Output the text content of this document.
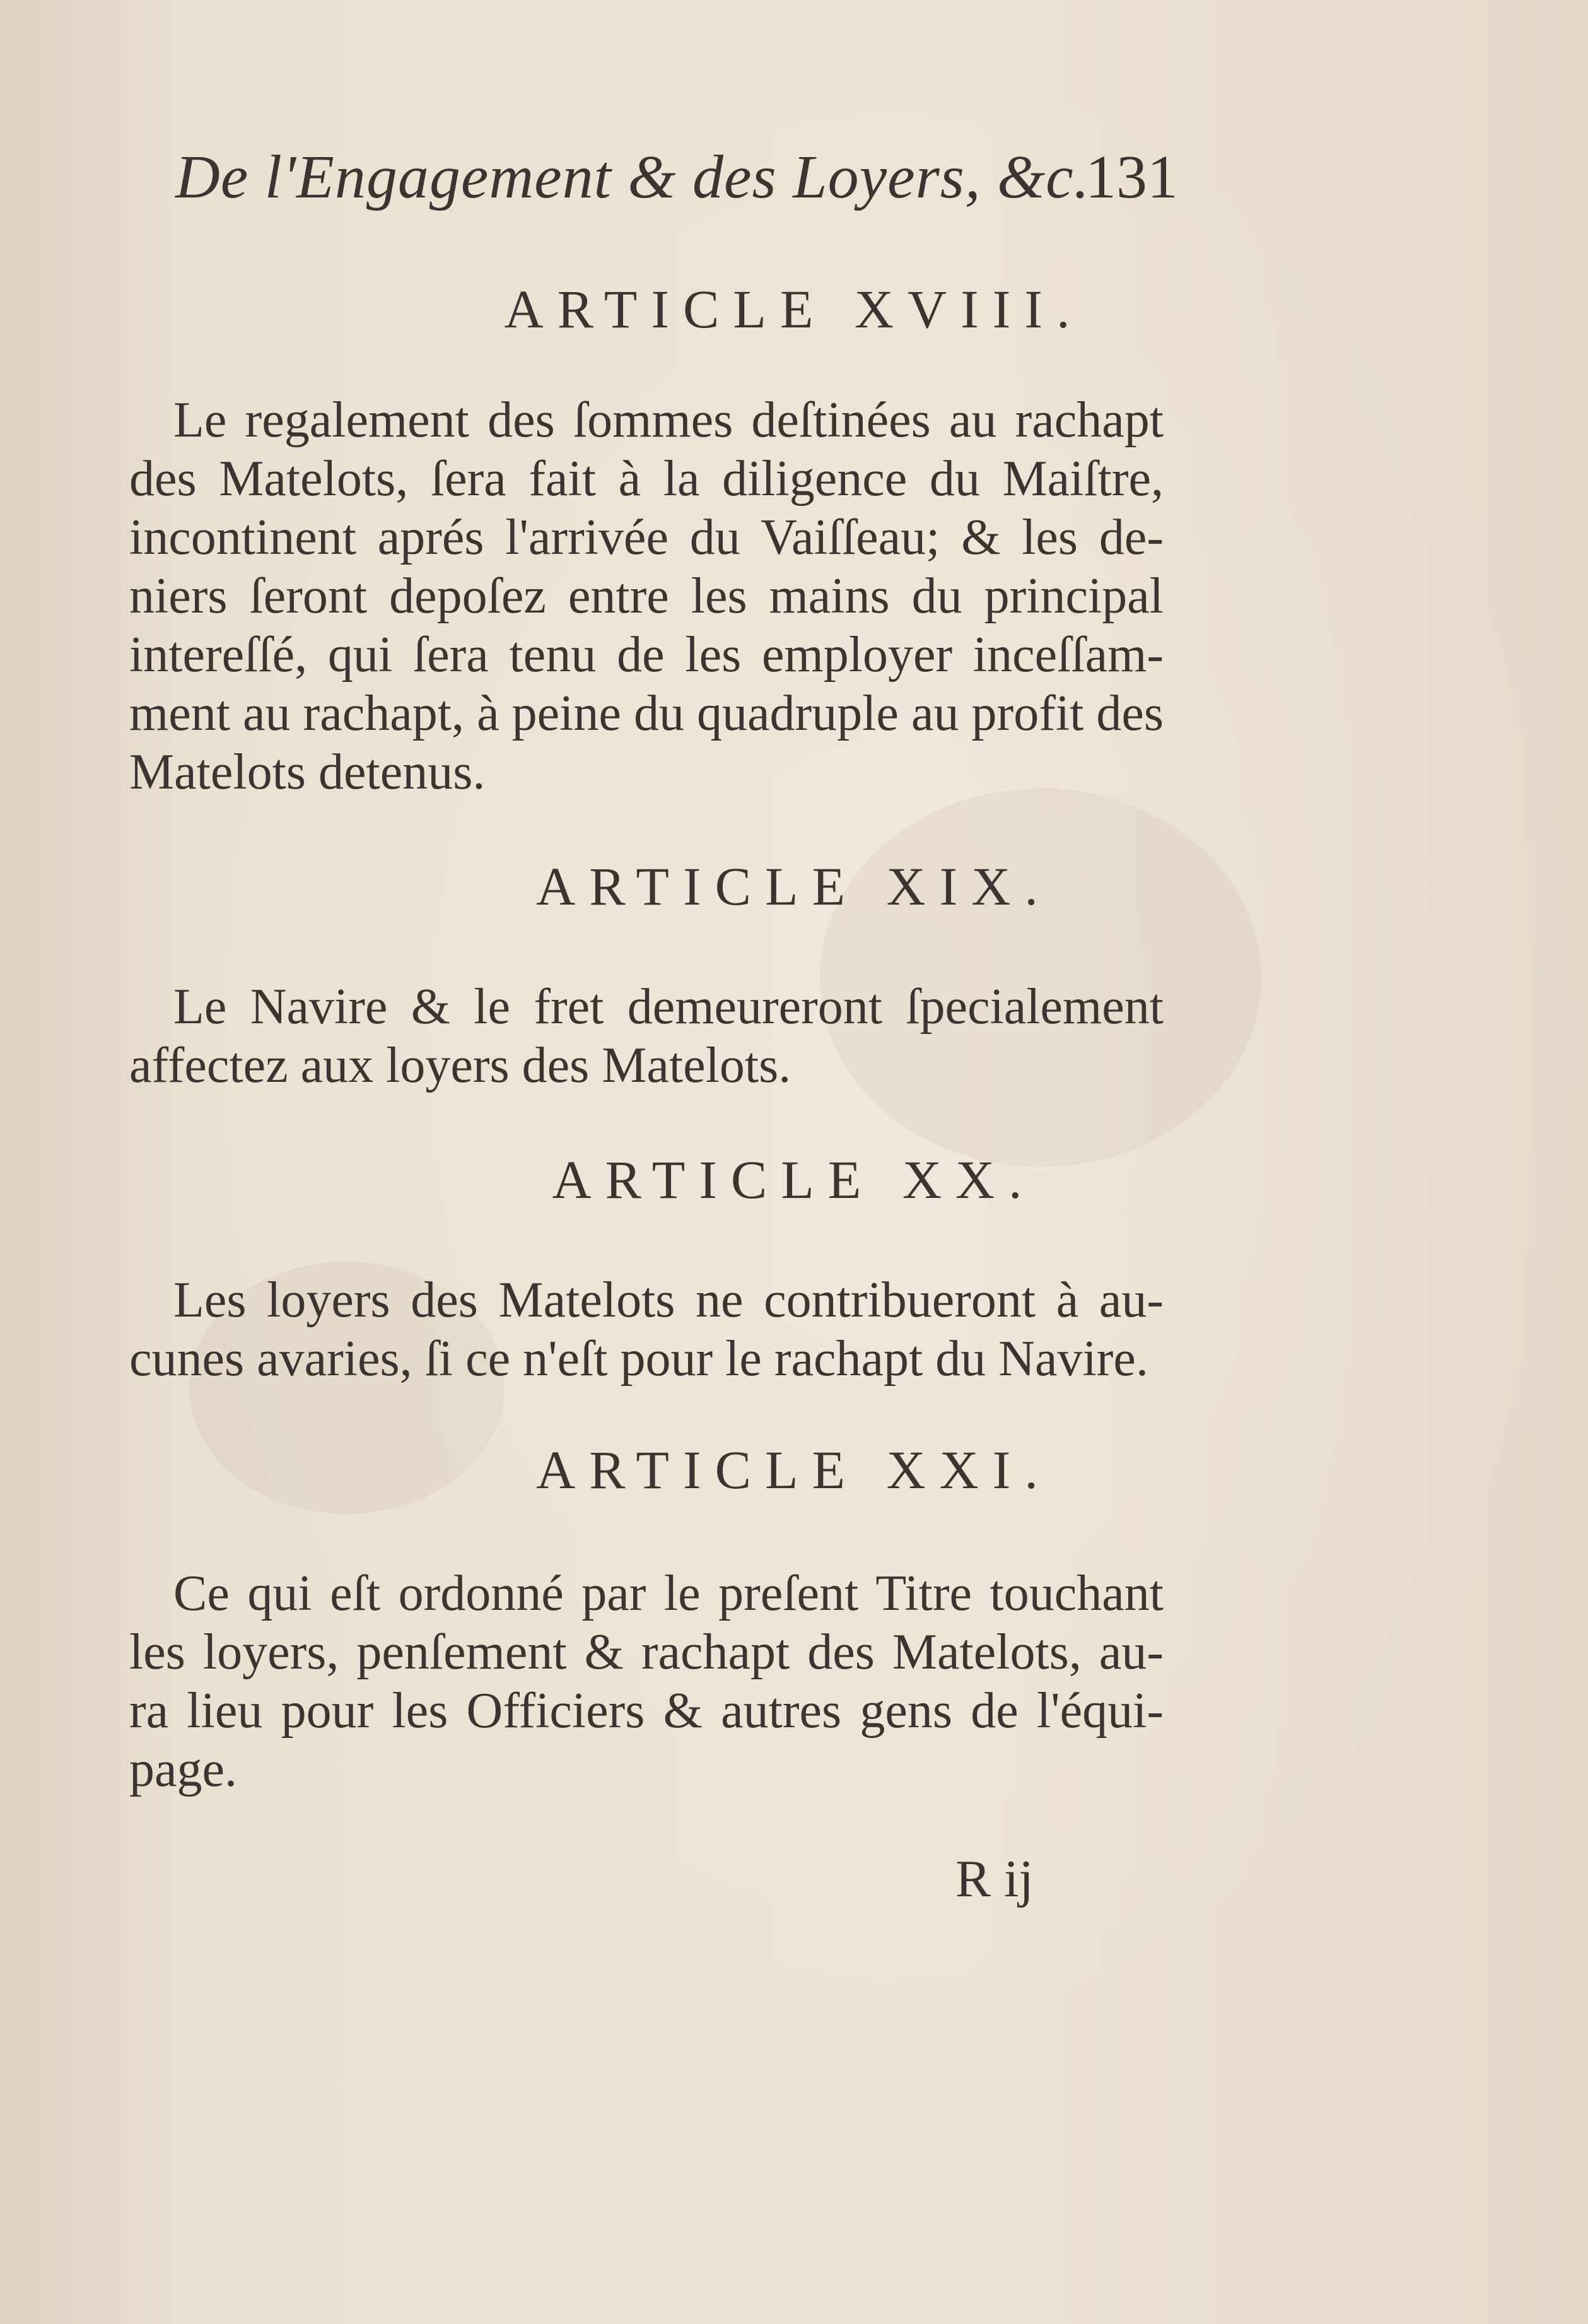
De l'Engagement & des Loyers, &c.
131
ARTICLE XVIII.
Le regalement des ſommes deſtinées au rachapt
des Matelots, ſera fait à la diligence du Maiſtre,
incontinent aprés l'arrivée du Vaiſſeau; & les de-
niers ſeront depoſez entre les mains du principal
intereſſé, qui ſera tenu de les employer inceſſam-
ment au rachapt, à peine du quadruple au profit des
Matelots detenus.
ARTICLE XIX.
Le Navire & le fret demeureront ſpecialement
affectez aux loyers des Matelots.
ARTICLE XX.
Les loyers des Matelots ne contribueront à au-
cunes avaries, ſi ce n'eſt pour le rachapt du Navire.
ARTICLE XXI.
Ce qui eſt ordonné par le preſent Titre touchant
les loyers, penſement & rachapt des Matelots, au-
ra lieu pour les Officiers & autres gens de l'équi-
page.
R ij
